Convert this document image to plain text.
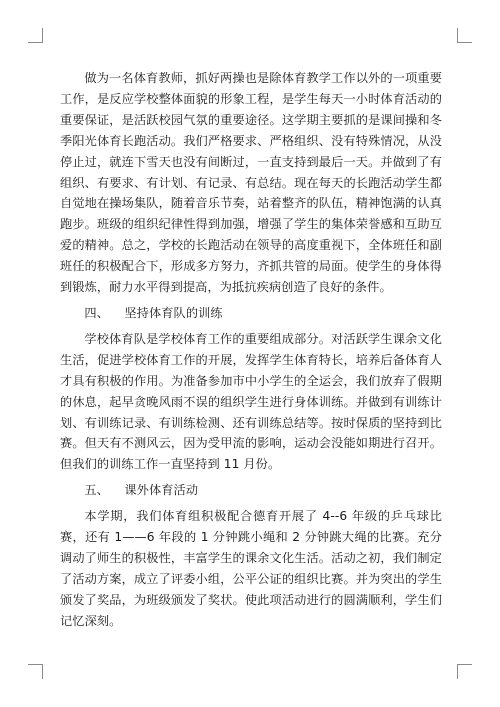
做为一名体育教师，抓好两操也是除体育教学工作以外的一项重要工作，是反应学校整体面貌的形象工程，是学生每天一小时体育活动的重要保证，是活跃校园气氛的重要途径。这学期主要抓的是课间操和冬季阳光体育长跑活动。我们严格要求、严格组织、没有特殊情况，从没停止过，就连下雪天也没有间断过，一直支持到最后一天。并做到了有组织、有要求、有计划、有记录、有总结。现在每天的长跑活动学生都自觉地在操场集队，随着音乐节奏，站着整齐的队伍，精神饱满的认真跑步。班级的组织纪律性得到加强，增强了学生的集体荣誉感和互助互爱的精神。总之，学校的长跑活动在领导的高度重视下，全体班任和副班任的积极配合下，形成多方努力，齐抓共管的局面。使学生的身体得到锻炼，耐力水平得到提高，为抵抗疾病创造了良好的条件。

四、 坚持体育队的训练

学校体育队是学校体育工作的重要组成部分。对活跃学生课余文化生活，促进学校体育工作的开展，发挥学生体育特长，培养后备体育人才具有积极的作用。为准备参加市中小学生的全运会，我们放弃了假期的休息，起早贪晚风雨不误的组织学生进行身体训练。并做到有训练计划、有训练记录、有训练检测、还有训练总结等。按时保质的坚持到比赛。但天有不测风云，因为受甲流的影响，运动会没能如期进行召开。但我们的训练工作一直坚持到 11 月份。

五、 课外体育活动

本学期，我们体育组积极配合德育开展了 4--6 年级的乒乓球比赛，还有 1——6 年段的 1 分钟跳小绳和 2 分钟跳大绳的比赛。充分调动了师生的积极性，丰富学生的课余文化生活。活动之初，我们制定了活动方案，成立了评委小组，公平公证的组织比赛。并为突出的学生颁发了奖品，为班级颁发了奖状。使此项活动进行的圆满顺利，学生们记忆深刻。
